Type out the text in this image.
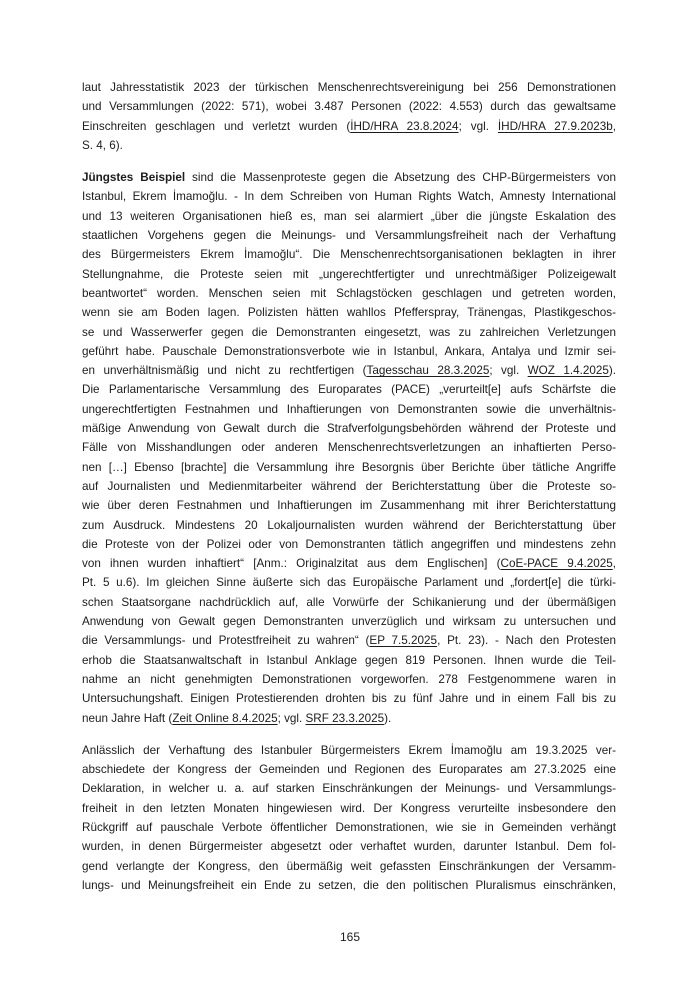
laut Jahresstatistik 2023 der türkischen Menschenrechtsvereinigung bei 256 Demonstrationen
und Versammlungen (2022: 571), wobei 3.487 Personen (2022: 4.553) durch das gewaltsame
Einschreiten geschlagen und verletzt wurden (İHD/HRA 23.8.2024; vgl. İHD/HRA 27.9.2023b,
S. 4, 6).
Jüngstes Beispiel sind die Massenproteste gegen die Absetzung des CHP-Bürgermeisters von
Istanbul, Ekrem İmamoğlu. - In dem Schreiben von Human Rights Watch, Amnesty International
und 13 weiteren Organisationen hieß es, man sei alarmiert „über die jüngste Eskalation des
staatlichen Vorgehens gegen die Meinungs- und Versammlungsfreiheit nach der Verhaftung
des Bürgermeisters Ekrem İmamoğlu“. Die Menschenrechtsorganisationen beklagten in ihrer
Stellungnahme, die Proteste seien mit „ungerechtfertigter und unrechtmäßiger Polizeigewalt
beantwortet“ worden. Menschen seien mit Schlagstöcken geschlagen und getreten worden,
wenn sie am Boden lagen. Polizisten hätten wahllos Pfefferspray, Tränengas, Plastikgeschos-
se und Wasserwerfer gegen die Demonstranten eingesetzt, was zu zahlreichen Verletzungen
geführt habe. Pauschale Demonstrationsverbote wie in Istanbul, Ankara, Antalya und Izmir sei-
en unverhältnismäßig und nicht zu rechtfertigen (Tagesschau 28.3.2025; vgl. WOZ 1.4.2025).
Die Parlamentarische Versammlung des Europarates (PACE) „verurteilt[e] aufs Schärfste die
ungerechtfertigten Festnahmen und Inhaftierungen von Demonstranten sowie die unverhältnis-
mäßige Anwendung von Gewalt durch die Strafverfolgungsbehörden während der Proteste und
Fälle von Misshandlungen oder anderen Menschenrechtsverletzungen an inhaftierten Perso-
nen […] Ebenso [brachte] die Versammlung ihre Besorgnis über Berichte über tätliche Angriffe
auf Journalisten und Medienmitarbeiter während der Berichterstattung über die Proteste so-
wie über deren Festnahmen und Inhaftierungen im Zusammenhang mit ihrer Berichterstattung
zum Ausdruck. Mindestens 20 Lokaljournalisten wurden während der Berichterstattung über
die Proteste von der Polizei oder von Demonstranten tätlich angegriffen und mindestens zehn
von ihnen wurden inhaftiert“ [Anm.: Originalzitat aus dem Englischen] (CoE-PACE 9.4.2025,
Pt. 5 u.6). Im gleichen Sinne äußerte sich das Europäische Parlament und „fordert[e] die türki-
schen Staatsorgane nachdrücklich auf, alle Vorwürfe der Schikanierung und der übermäßigen
Anwendung von Gewalt gegen Demonstranten unverzüglich und wirksam zu untersuchen und
die Versammlungs- und Protestfreiheit zu wahren“ (EP 7.5.2025, Pt. 23). - Nach den Protesten
erhob die Staatsanwaltschaft in Istanbul Anklage gegen 819 Personen. Ihnen wurde die Teil-
nahme an nicht genehmigten Demonstrationen vorgeworfen. 278 Festgenommene waren in
Untersuchungshaft. Einigen Protestierenden drohten bis zu fünf Jahre und in einem Fall bis zu
neun Jahre Haft (Zeit Online 8.4.2025; vgl. SRF 23.3.2025).
Anlässlich der Verhaftung des Istanbuler Bürgermeisters Ekrem İmamoğlu am 19.3.2025 ver-
abschiedete der Kongress der Gemeinden und Regionen des Europarates am 27.3.2025 eine
Deklaration, in welcher u. a. auf starken Einschränkungen der Meinungs- und Versammlungs-
freiheit in den letzten Monaten hingewiesen wird. Der Kongress verurteilte insbesondere den
Rückgriff auf pauschale Verbote öffentlicher Demonstrationen, wie sie in Gemeinden verhängt
wurden, in denen Bürgermeister abgesetzt oder verhaftet wurden, darunter Istanbul. Dem fol-
gend verlangte der Kongress, den übermäßig weit gefassten Einschränkungen der Versamm-
lungs- und Meinungsfreiheit ein Ende zu setzen, die den politischen Pluralismus einschränken,
165
